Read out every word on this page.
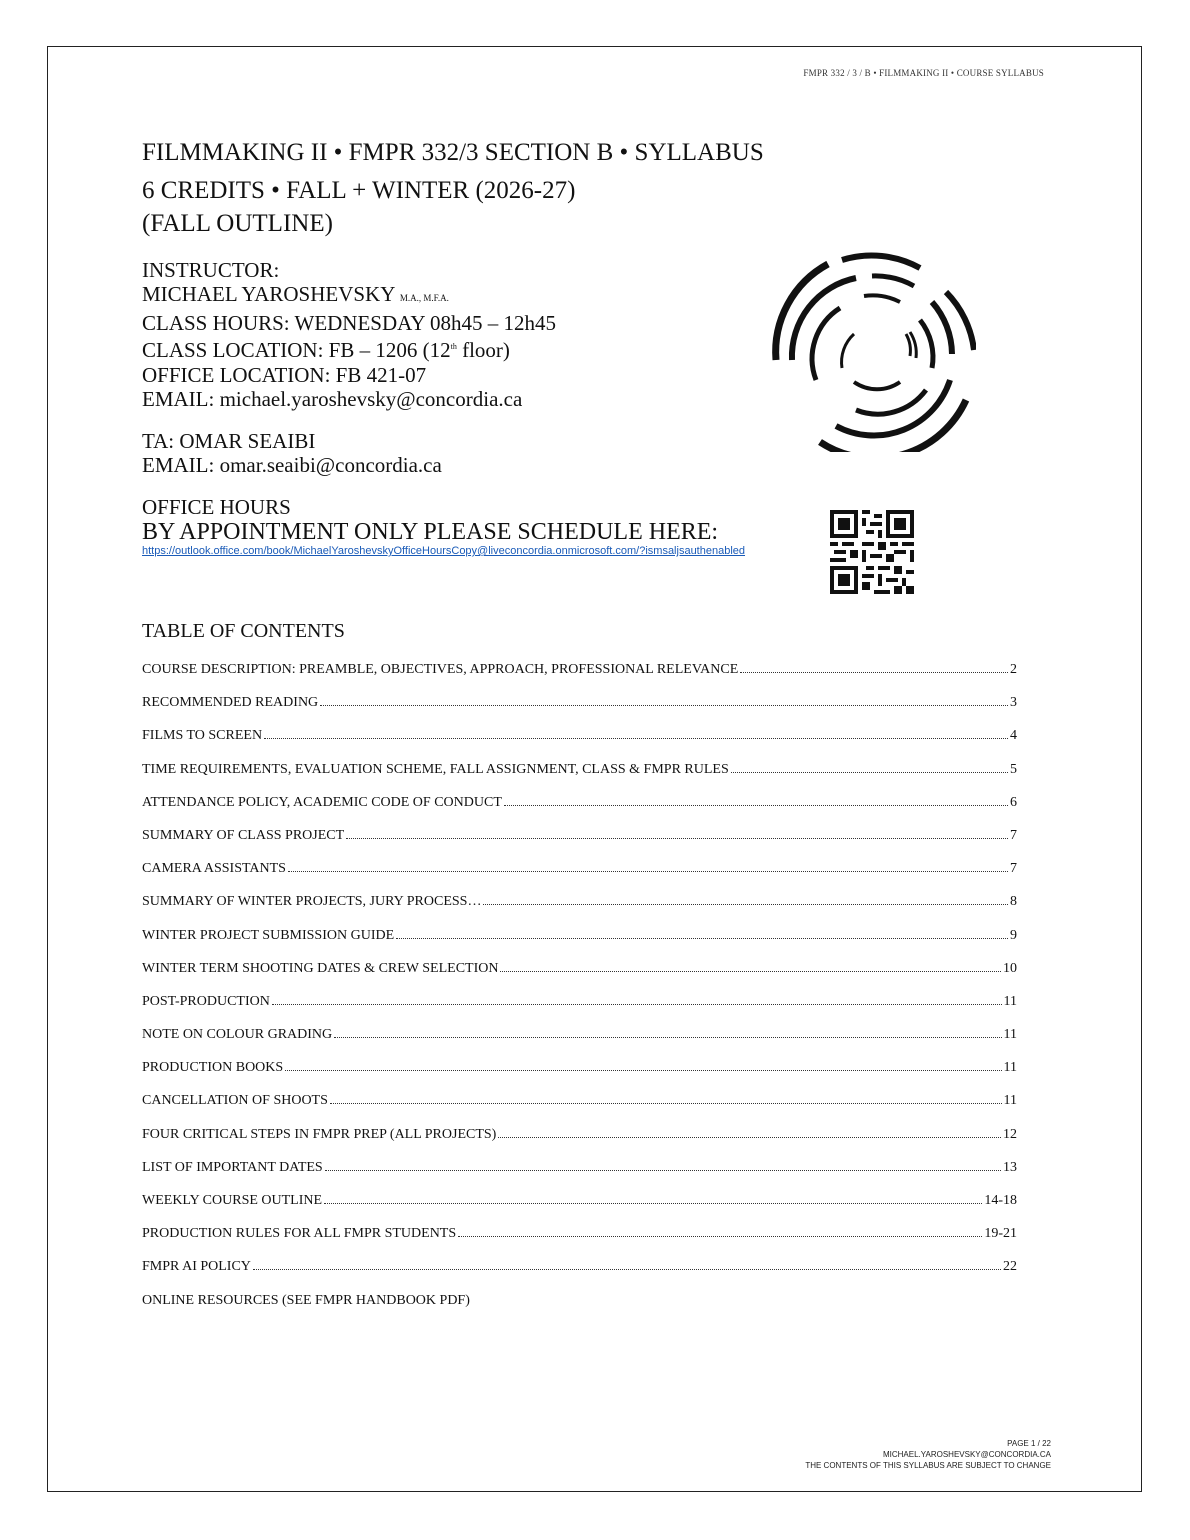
FMPR 332 / 3 / B • FILMMAKING II • COURSE SYLLABUS
FILMMAKING II • FMPR 332/3 SECTION B • SYLLABUS
6 CREDITS • FALL + WINTER (2026-27)
(FALL OUTLINE)
INSTRUCTOR:
MICHAEL YAROSHEVSKY M.A., M.F.A.
CLASS HOURS: WEDNESDAY 08h45 – 12h45
CLASS LOCATION: FB – 1206 (12th floor)
OFFICE LOCATION: FB 421-07
EMAIL: michael.yaroshevsky@concordia.ca
TA: OMAR SEAIBI
EMAIL: omar.seaibi@concordia.ca
OFFICE HOURS
BY APPOINTMENT ONLY PLEASE SCHEDULE HERE:
https://outlook.office.com/book/MichaelYaroshevskyOfficeHoursCopy@liveconcordia.onmicrosoft.com/?ismsaljsauthenabled
TABLE OF CONTENTS
COURSE DESCRIPTION: PREAMBLE, OBJECTIVES, APPROACH, PROFESSIONAL RELEVANCE	2
RECOMMENDED READING	3
FILMS TO SCREEN	4
TIME REQUIREMENTS, EVALUATION SCHEME, FALL ASSIGNMENT, CLASS & FMPR RULES	5
ATTENDANCE POLICY, ACADEMIC CODE OF CONDUCT	6
SUMMARY OF CLASS PROJECT	7
CAMERA ASSISTANTS	7
SUMMARY OF WINTER PROJECTS, JURY PROCESS…	8
WINTER PROJECT SUBMISSION GUIDE	9
WINTER TERM SHOOTING DATES & CREW SELECTION	10
POST-PRODUCTION	11
NOTE ON COLOUR GRADING	11
PRODUCTION BOOKS	11
CANCELLATION OF SHOOTS	11
FOUR CRITICAL STEPS IN FMPR PREP (ALL PROJECTS)	12
LIST OF IMPORTANT DATES	13
WEEKLY COURSE OUTLINE	14-18
PRODUCTION RULES FOR ALL FMPR STUDENTS	19-21
FMPR AI POLICY	22
ONLINE RESOURCES (SEE FMPR HANDBOOK PDF)
PAGE 1 / 22
MICHAEL.YAROSHEVSKY@CONCORDIA.CA
THE CONTENTS OF THIS SYLLABUS ARE SUBJECT TO CHANGE
